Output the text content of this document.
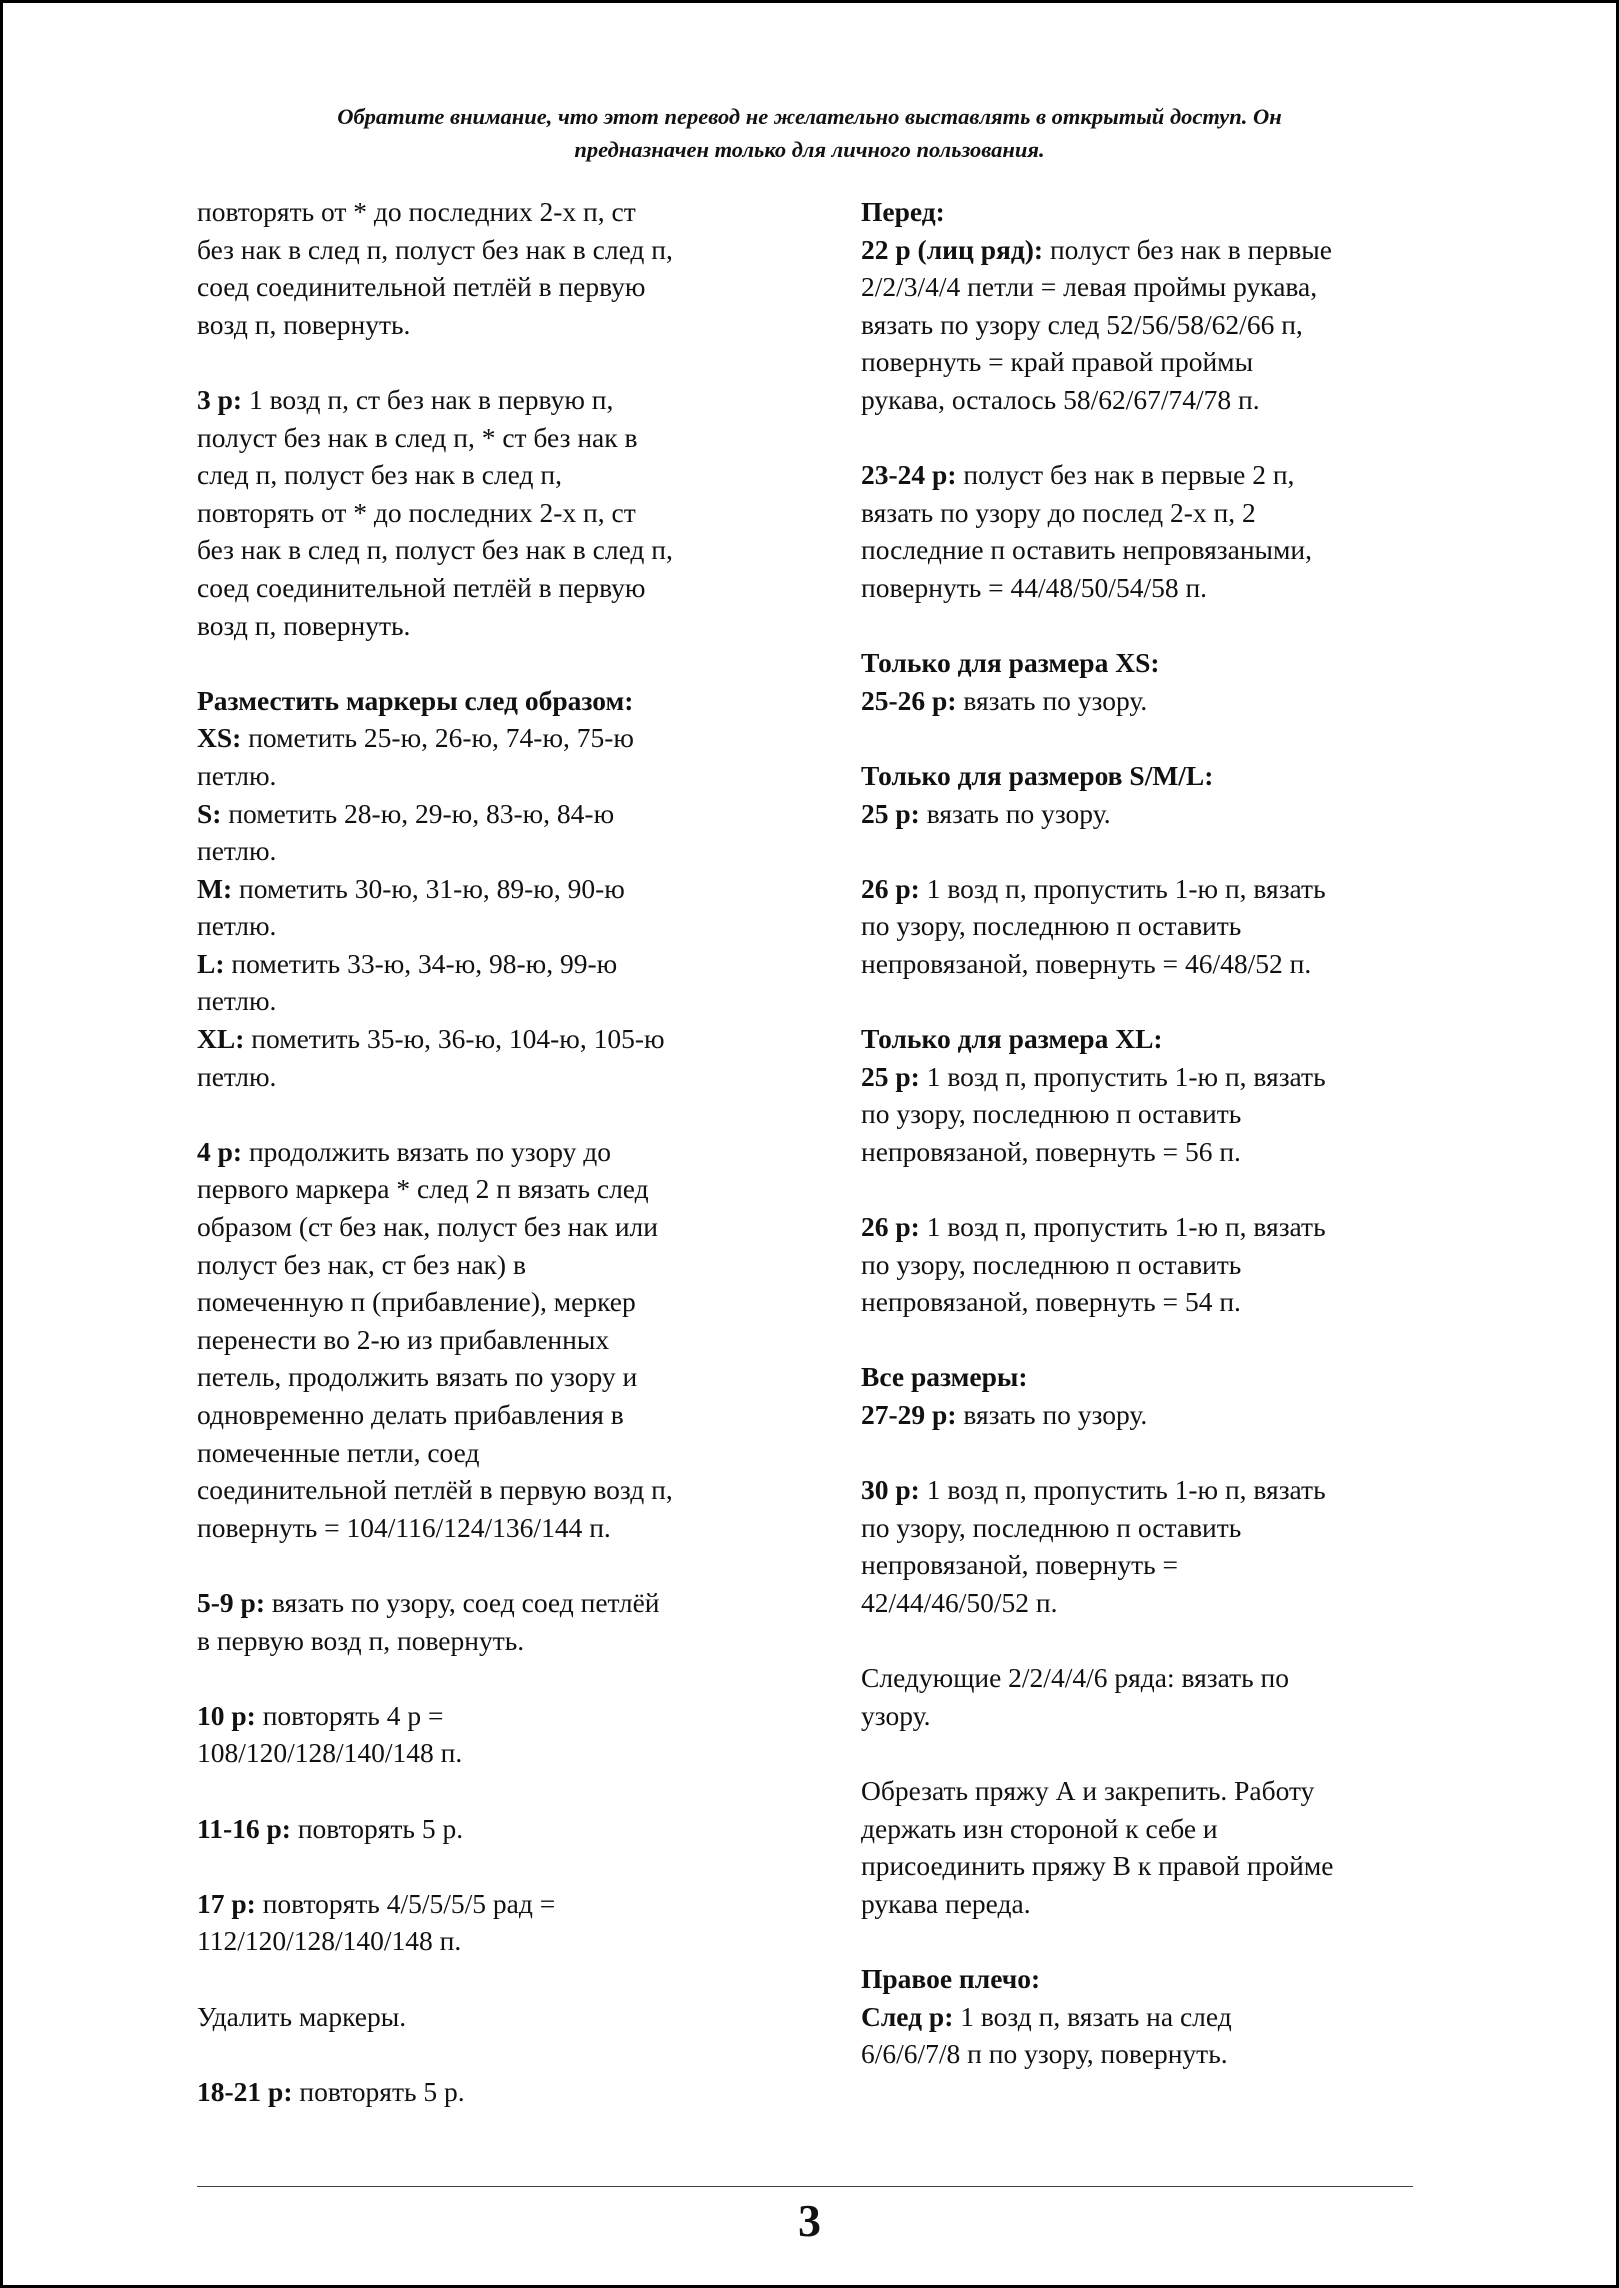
Обратите внимание, что этот перевод не желательно выставлять в открытый доступ. Он
предназначен только для личного пользования.
повторять от * до последних 2-х п, ст
без нак в след п, полуст без нак в след п,
соед соединительной петлёй в первую
возд п, повернуть.
3 р: 1 возд п, ст без нак в первую п,
полуст без нак в след п, * ст без нак в
след п, полуст без нак в след п,
повторять от * до последних 2-х п, ст
без нак в след п, полуст без нак в след п,
соед соединительной петлёй в первую
возд п, повернуть.
Разместить маркеры след образом:
XS: пометить 25-ю, 26-ю, 74-ю, 75-ю
петлю.
S: пометить 28-ю, 29-ю, 83-ю, 84-ю
петлю.
M: пометить 30-ю, 31-ю, 89-ю, 90-ю
петлю.
L: пометить 33-ю, 34-ю, 98-ю, 99-ю
петлю.
XL: пометить 35-ю, 36-ю, 104-ю, 105-ю
петлю.
4 р: продолжить вязать по узору до
первого маркера * след 2 п вязать след
образом (ст без нак, полуст без нак или
полуст без нак, ст без нак) в
помеченную п (прибавление), меркер
перенести во 2-ю из прибавленных
петель, продолжить вязать по узору и
одновременно делать прибавления в
помеченные петли, соед
соединительной петлёй в первую возд п,
повернуть = 104/116/124/136/144 п.
5-9 р: вязать по узору, соед соед петлёй
в первую возд п, повернуть.
10 р: повторять 4 р =
108/120/128/140/148 п.
11-16 р: повторять 5 р.
17 р: повторять 4/5/5/5/5 рад =
112/120/128/140/148 п.
Удалить маркеры.
18-21 р: повторять 5 р.
Перед:
22 р (лиц ряд): полуст без нак в первые
2/2/3/4/4 петли = левая проймы рукава,
вязать по узору след 52/56/58/62/66 п,
повернуть = край правой проймы
рукава, осталось 58/62/67/74/78 п.
23-24 р: полуст без нак в первые 2 п,
вязать по узору до послед 2-х п, 2
последние п оставить непровязаными,
повернуть = 44/48/50/54/58 п.
Только для размера XS:
25-26 р: вязать по узору.
Только для размеров S/M/L:
25 р: вязать по узору.
26 р: 1 возд п, пропустить 1-ю п, вязать
по узору, последнюю п оставить
непровязаной, повернуть = 46/48/52 п.
Только для размера XL:
25 р: 1 возд п, пропустить 1-ю п, вязать
по узору, последнюю п оставить
непровязаной, повернуть = 56 п.
26 р: 1 возд п, пропустить 1-ю п, вязать
по узору, последнюю п оставить
непровязаной, повернуть = 54 п.
Все размеры:
27-29 р: вязать по узору.
30 р: 1 возд п, пропустить 1-ю п, вязать
по узору, последнюю п оставить
непровязаной, повернуть =
42/44/46/50/52 п.
Следующие 2/2/4/4/6 ряда: вязать по
узору.
Обрезать пряжу А и закрепить. Работу
держать изн стороной к себе и
присоединить пряжу В к правой пройме
рукава переда.
Правое плечо:
След р: 1 возд п, вязать на след
6/6/6/7/8 п по узору, повернуть.
3
